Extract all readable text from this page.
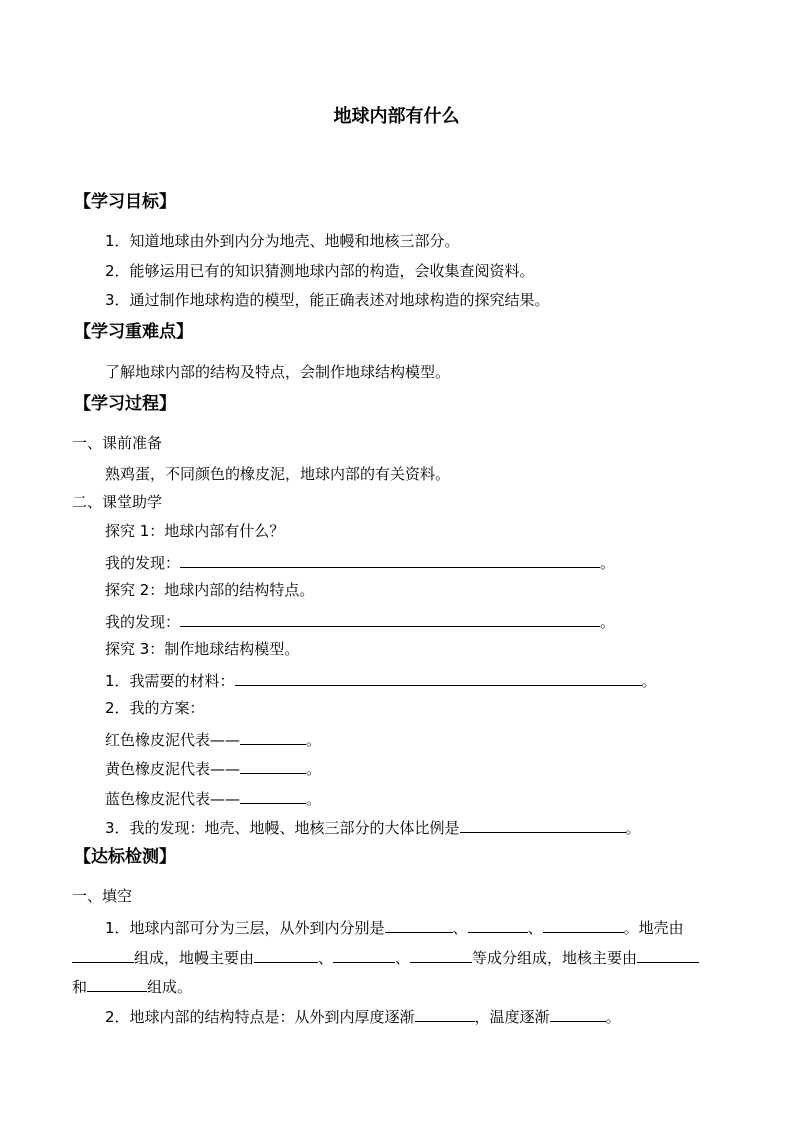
地球内部有什么
【学习目标】
1．知道地球由外到内分为地壳、地幔和地核三部分。
2．能够运用已有的知识猜测地球内部的构造，会收集查阅资料。
3．通过制作地球构造的模型，能正确表述对地球构造的探究结果。
【学习重难点】
了解地球内部的结构及特点，会制作地球结构模型。
【学习过程】
一、课前准备
熟鸡蛋，不同颜色的橡皮泥，地球内部的有关资料。
二、课堂助学
探究 1：地球内部有什么？
我的发现：	。
探究 2：地球内部的结构特点。
我的发现：	。
探究 3：制作地球结构模型。
1．我需要的材料：	。
2．我的方案：
红色橡皮泥代表——	。
黄色橡皮泥代表——	。
蓝色橡皮泥代表——	。
3．我的发现：地壳、地幔、地核三部分的大体比例是	。
【达标检测】
一、填空
1．地球内部可分为三层，从外到内分别是	、	、	。地壳由
组成，地幔主要由	、	、	等成分组成，地核主要由
和	组成。
2．地球内部的结构特点是：从外到内厚度逐渐	，温度逐渐	。
